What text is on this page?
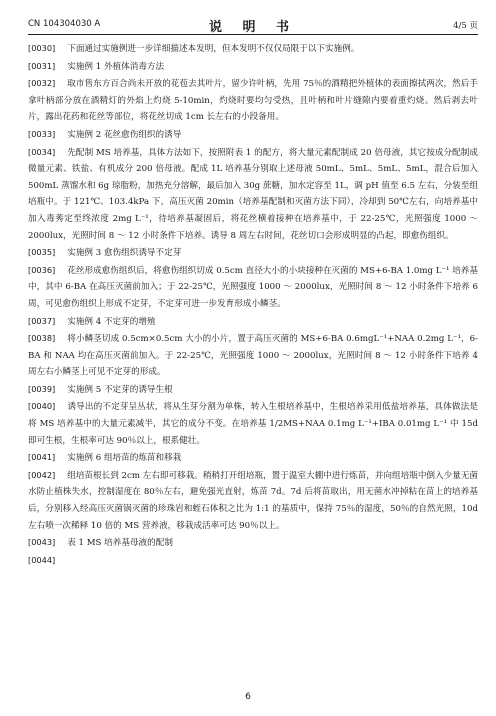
CN 104304030 A	说 明 书	4/5 页

[0030] 下面通过实施例进一步详细描述本发明，但本发明不仅仅局限于以下实施例。

[0031] 实施例 1 外植体消毒方法

[0032] 取市售东方百合尚未开放的花苞去其叶片，留少许叶柄，先用 75％的酒精把外植体的表面擦拭两次，然后手拿叶柄部分放在酒精灯的外焰上灼烧 5-10min，灼烧时要均匀受热，且叶柄和叶片缝隙内要着重灼烧。然后剥去叶片，露出花药和花丝等部位，将花丝切成 1cm 长左右的小段备用。

[0033] 实施例 2 花丝愈伤组织的诱导

[0034] 先配制 MS 培养基，具体方法如下，按照附表 1 的配方，将大量元素配制成 20 倍母液，其它按成分配制成微量元素、铁盐、有机成分 200 倍母液。配成 1L 培养基分别取上述母液 50mL、5mL、5mL、5mL，混合后加入 500mL 蒸馏水和 6g 琼脂粉，加热充分溶解，最后加入 30g 蔗糖，加水定容至 1L，调 pH 值至 6.5 左右，分装至组培瓶中。于 121℃、103.4kPa 下，高压灭菌 20min（培养基配制和灭菌方法下同），冷却到 50℃左右，向培养基中加入毒莠定至终浓度 2mg L⁻¹，待培养基凝固后，将花丝横着接种在培养基中，于 22-25℃，光照强度 1000 ～ 2000lux，光照时间 8 ～ 12 小时条件下培养。诱导 8 周左右时间，花丝切口会形成明显的凸起，即愈伤组织。

[0035] 实施例 3 愈伤组织诱导不定芽

[0036] 花丝形成愈伤组织后，将愈伤组织切成 0.5cm 直径大小的小块接种在灭菌的 MS+6-BA 1.0mg L⁻¹ 培养基中，其中 6-BA 在高压灭菌前加入；于 22-25℃，光照强度 1000 ～ 2000lux，光照时间 8 ～ 12 小时条件下培养 6 周，可见愈伤组织上形成不定芽，不定芽可进一步发育形成小鳞茎。

[0037] 实施例 4 不定芽的增殖

[0038] 将小鳞茎切成 0.5cm×0.5cm 大小的小片，置于高压灭菌的 MS+6-BA 0.6mgL⁻¹+NAA 0.2mg L⁻¹，6-BA 和 NAA 均在高压灭菌前加入。于 22-25℃，光照强度 1000 ～ 2000lux，光照时间 8 ～ 12 小时条件下培养 4 周左右小鳞茎上可见不定芽的形成。

[0039] 实施例 5 不定芽的诱导生根

[0040] 诱导出的不定芽呈丛状，将从生芽分割为单株，转入生根培养基中，生根培养采用低盐培养基，具体做法是将 MS 培养基中的大量元素减半，其它的成分不变。在培养基 1/2MS+NAA 0.1mg L⁻¹+IBA 0.01mg L⁻¹ 中 15d 即可生根，生根率可达 90％以上，根系健壮。

[0041] 实施例 6 组培苗的炼苗和移栽

[0042] 组培苗根长到 2cm 左右即可移栽。稍稍打开组培瓶，置于温室大棚中进行炼苗，并向组培瓶中倒入少量无菌水防止植株失水，控制湿度在 80％左右，避免强光直射，炼苗 7d。7d 后将苗取出，用无菌水冲掉粘在苗上的培养基后，分别移入经高压灭菌锅灭菌的珍珠岩和蛭石体积之比为 1:1 的基质中，保持 75％的湿度，50％的自然光照，10d 左右喷一次稀释 10 倍的 MS 营养液，移栽成活率可达 90％以上。

[0043] 表 1 MS 培养基母液的配制

[0044]

6
